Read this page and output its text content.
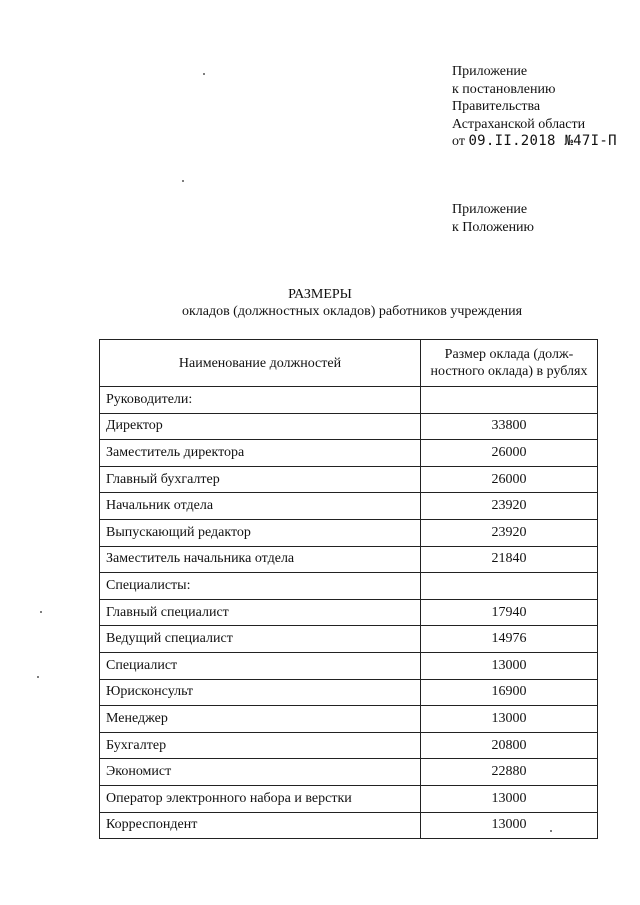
Приложение
к постановлению
Правительства
Астраханской области
от 09.II.2018 №47I-П
Приложение
к Положению
РАЗМЕРЫ
окладов (должностных окладов) работников учреждения
Наименование должностей	Размер оклада (долж-
ностного оклада) в рублях
Руководители:	
Директор	33800
Заместитель директора	26000
Главный бухгалтер	26000
Начальник отдела	23920
Выпускающий редактор	23920
Заместитель начальника отдела	21840
Специалисты:	
Главный специалист	17940
Ведущий специалист	14976
Специалист	13000
Юрисконсульт	16900
Менеджер	13000
Бухгалтер	20800
Экономист	22880
Оператор электронного набора и верстки	13000
Корреспондент	13000
